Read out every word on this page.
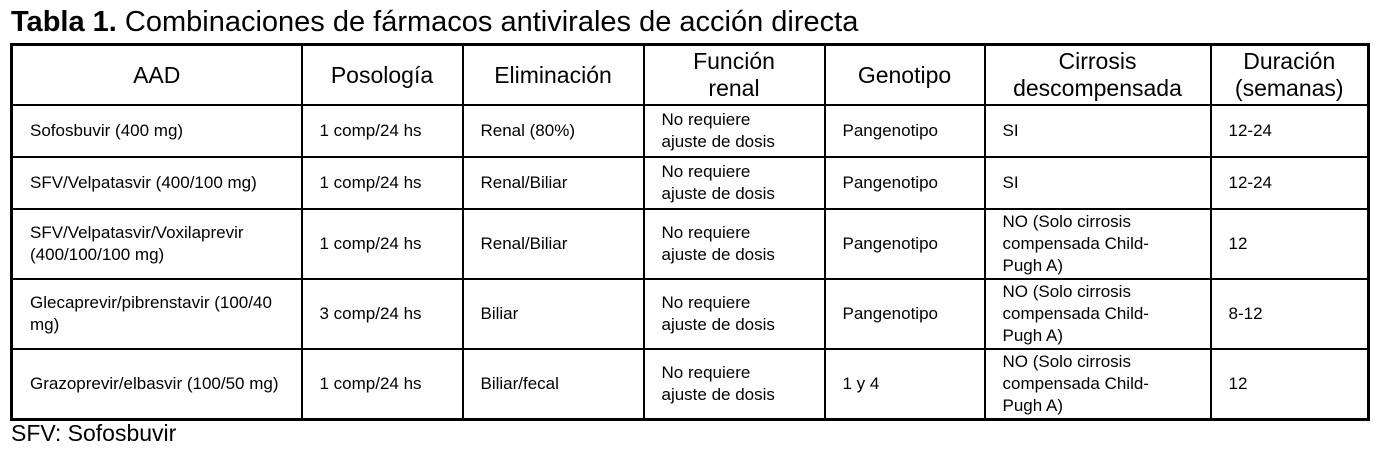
Tabla 1. Combinaciones de fármacos antivirales de acción directa
AAD	Posología	Eliminación	Función renal	Genotipo	Cirrosis descompensada	Duración (semanas)
Sofosbuvir (400 mg)	1 comp/24 hs	Renal (80%)	No requiere ajuste de dosis	Pangenotipo	SI	12-24
SFV/Velpatasvir (400/100 mg)	1 comp/24 hs	Renal/Biliar	No requiere ajuste de dosis	Pangenotipo	SI	12-24
SFV/Velpatasvir/Voxilaprevir (400/100/100 mg)	1 comp/24 hs	Renal/Biliar	No requiere ajuste de dosis	Pangenotipo	NO (Solo cirrosis compensada Child-Pugh A)	12
Glecaprevir/pibrenstavir (100/40 mg)	3 comp/24 hs	Biliar	No requiere ajuste de dosis	Pangenotipo	NO (Solo cirrosis compensada Child-Pugh A)	8-12
Grazoprevir/elbasvir (100/50 mg)	1 comp/24 hs	Biliar/fecal	No requiere ajuste de dosis	1 y 4	NO (Solo cirrosis compensada Child-Pugh A)	12
SFV: Sofosbuvir
